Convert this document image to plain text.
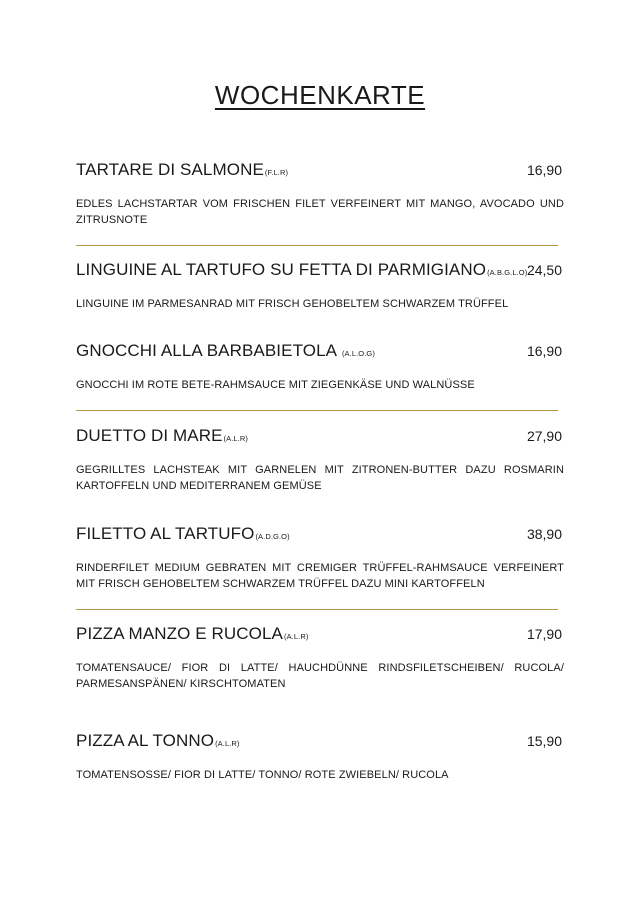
WOCHENKARTE
TARTARE DI SALMONE(F.L.R)	16,90
EDLES LACHSTARTAR VOM FRISCHEN FILET VERFEINERT MIT MANGO, AVOCADO UND ZITRUSNOTE
LINGUINE AL TARTUFO SU FETTA DI PARMIGIANO(A.B.G.L.O) 24,50
LINGUINE IM PARMESANRAD MIT FRISCH GEHOBELTEM SCHWARZEM TRÜFFEL
GNOCCHI ALLA BARBABIETOLA (A.L.O.G)	16,90
GNOCCHI IM ROTE BETE-RAHMSAUCE MIT ZIEGENKÄSE UND WALNÜSSE
DUETTO DI MARE(A.L.R)	27,90
GEGRILLTES LACHSTEAK MIT GARNELEN MIT ZITRONEN-BUTTER DAZU ROSMARIN KARTOFFELN UND MEDITERRANEM GEMÜSE
FILETTO AL TARTUFO(A.D.G.O)	38,90
RINDERFILET MEDIUM GEBRATEN MIT CREMIGER TRÜFFEL-RAHMSAUCE VERFEINERT MIT FRISCH GEHOBELTEM SCHWARZEM TRÜFFEL DAZU MINI KARTOFFELN
PIZZA MANZO E RUCOLA(A.L.R)	17,90
TOMATENSAUCE/ FIOR DI LATTE/ HAUCHDÜNNE RINDSFILETSCHEIBEN/ RUCOLA/ PARMESANSPÄNEN/ KIRSCHTOMATEN
PIZZA AL TONNO(A.L.R)	15,90
TOMATENSOSSE/ FIOR DI LATTE/ TONNO/ ROTE ZWIEBELN/ RUCOLA
